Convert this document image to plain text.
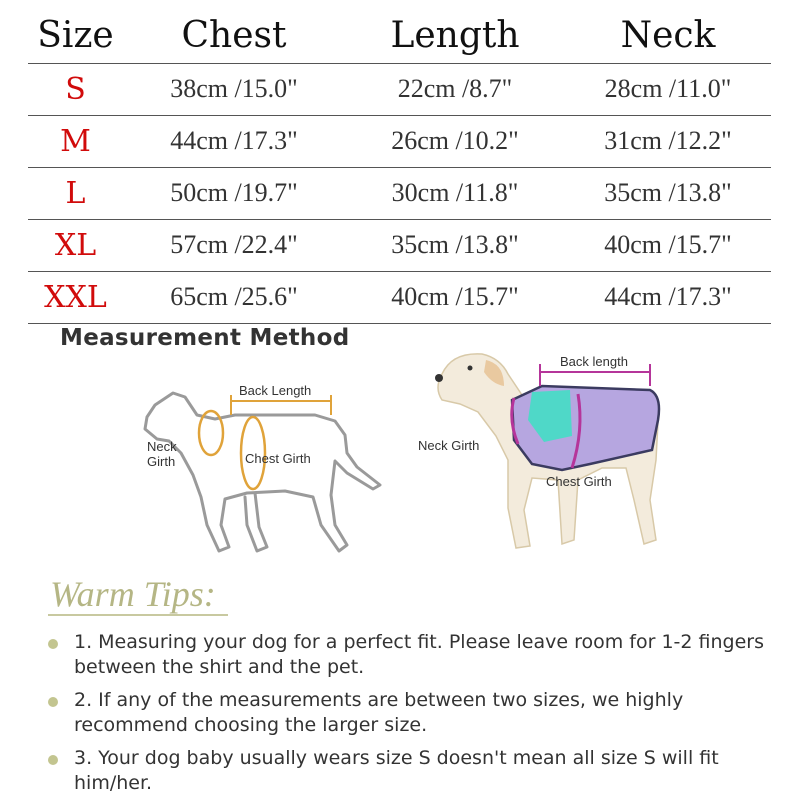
Size	Chest	Length	Neck
S	38cm /15.0"	22cm /8.7"	28cm /11.0"
M	44cm /17.3"	26cm /10.2"	31cm /12.2"
L	50cm /19.7"	30cm /11.8"	35cm /13.8"
XL	57cm /22.4"	35cm /13.8"	40cm /15.7"
XXL	65cm /25.6"	40cm /15.7"	44cm /17.3"
Measurement Method
Back Length
Neck
Girth	Chest Girth
Back length
Neck Girth
Chest Girth
Warm Tips:
1. Measuring your dog for a perfect fit. Please leave room for 1-2 fingers between the shirt and the pet.
2. If any of the measurements are between two sizes, we highly recommend choosing the larger size.
3. Your dog baby usually wears size S doesn't mean all size S will fit him/her.
